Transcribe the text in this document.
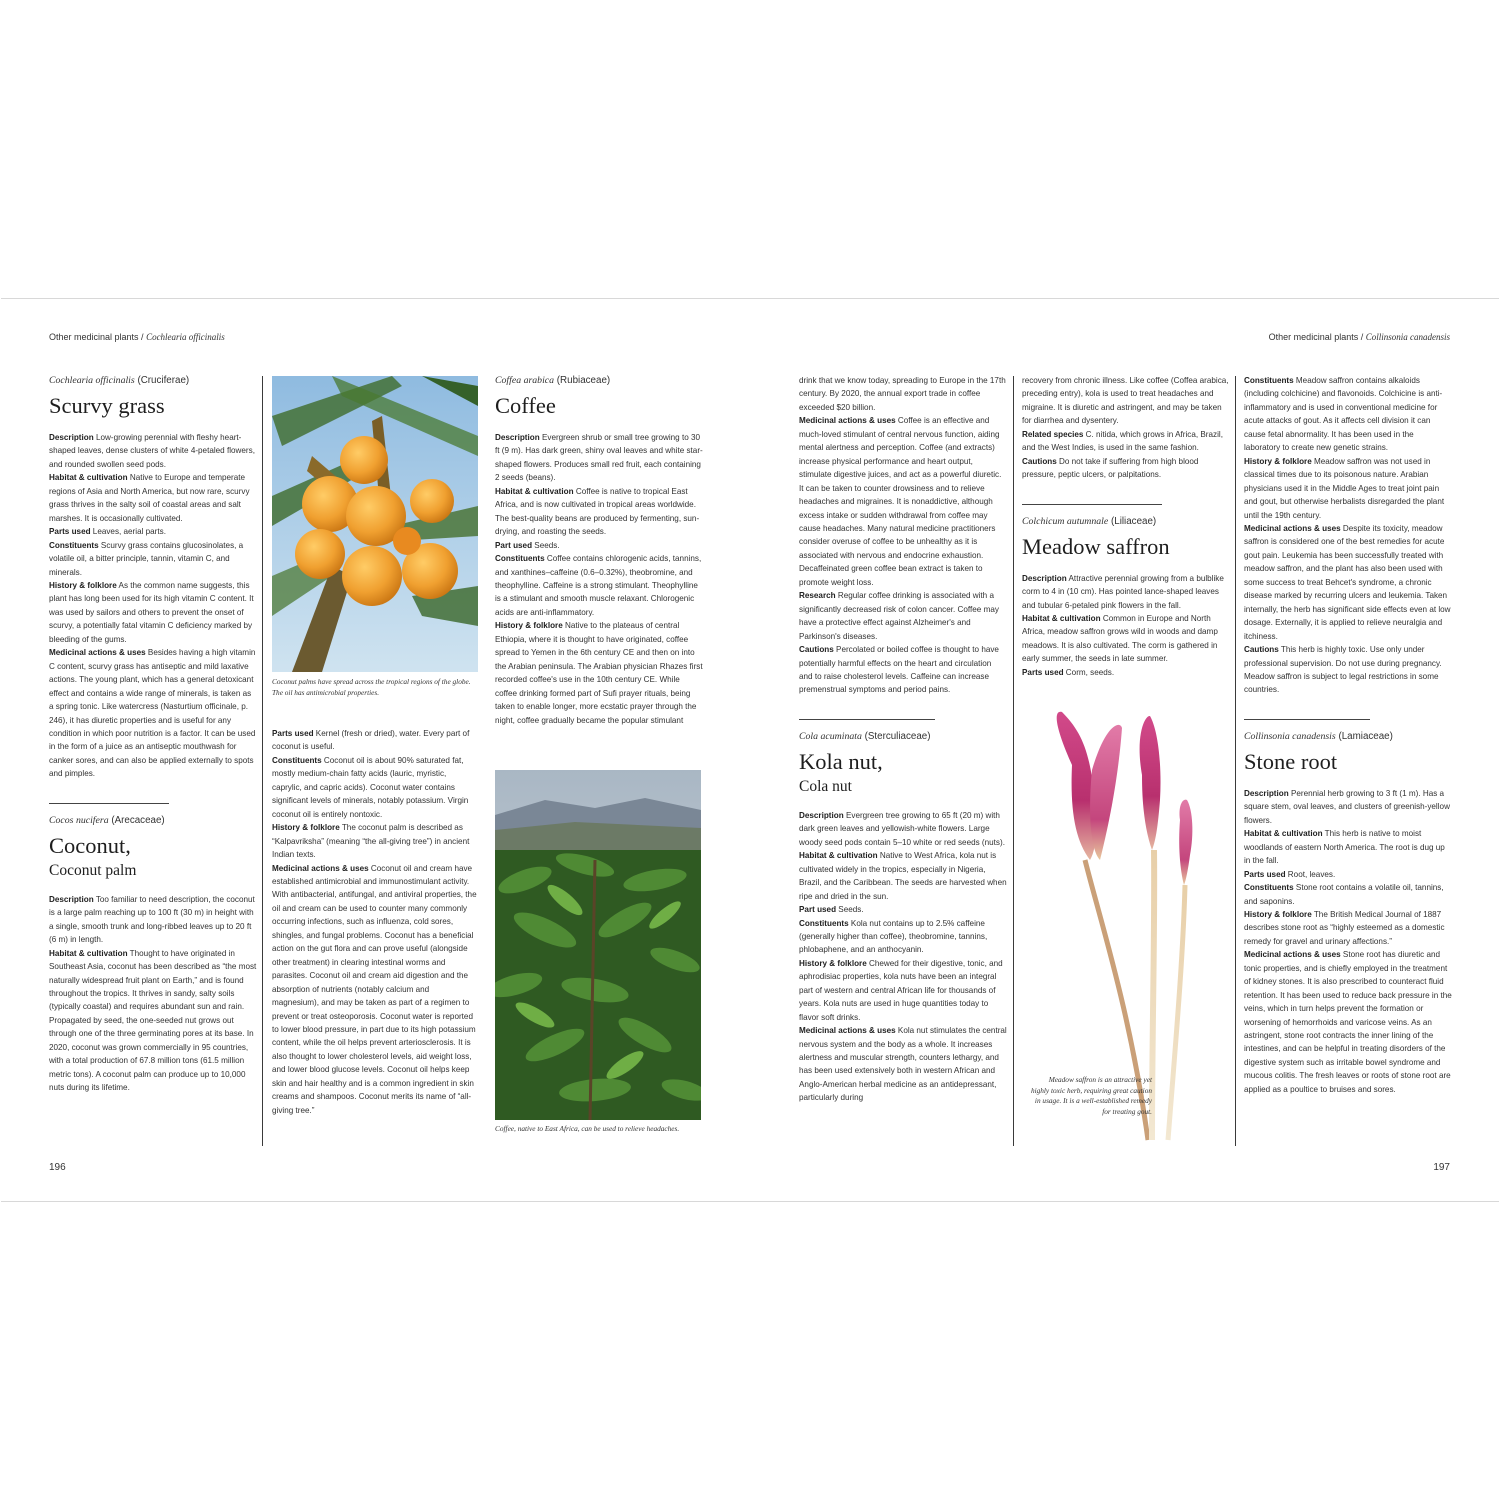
Other medicinal plants / Cochlearia officinalis	Other medicinal plants / Collinsonia canadensis
Cochlearia officinalis (Cruciferae)
Scurvy grass

Description Low-growing perennial with fleshy heart-shaped leaves, dense clusters of white 4-petaled flowers, and rounded swollen seed pods.

Habitat & cultivation Native to Europe and temperate regions of Asia and North America, but now rare, scurvy grass thrives in the salty soil of coastal areas and salt marshes. It is occasionally cultivated.

Parts used Leaves, aerial parts.

Constituents Scurvy grass contains glucosinolates, a volatile oil, a bitter principle, tannin, vitamin C, and minerals.

History & folklore As the common name suggests, this plant has long been used for its high vitamin C content. It was used by sailors and others to prevent the onset of scurvy, a potentially fatal vitamin C deficiency marked by bleeding of the gums.

Medicinal actions & uses Besides having a high vitamin C content, scurvy grass has antiseptic and mild laxative actions. The young plant, which has a general detoxicant effect and contains a wide range of minerals, is taken as a spring tonic. Like watercress (Nasturtium officinale, p. 246), it has diuretic properties and is useful for any condition in which poor nutrition is a factor. It can be used in the form of a juice as an antiseptic mouthwash for canker sores, and can also be applied externally to spots and pimples.

Cocos nucifera (Arecaceae)
Coconut,
Coconut palm

Description Too familiar to need description, the coconut is a large palm reaching up to 100 ft (30 m) in height with a single, smooth trunk and long-ribbed leaves up to 20 ft (6 m) in length.

Habitat & cultivation Thought to have originated in Southeast Asia, coconut has been described as “the most naturally widespread fruit plant on Earth,” and is found throughout the tropics. It thrives in sandy, salty soils (typically coastal) and requires abundant sun and rain. Propagated by seed, the one-seeded nut grows out through one of the three germinating pores at its base. In 2020, coconut was grown commercially in 95 countries, with a total production of 67.8 million tons (61.5 million metric tons). A coconut palm can produce up to 10,000 nuts during its lifetime.

Coconut palms have spread across the tropical regions of the globe. The oil has antimicrobial properties.

Parts used Kernel (fresh or dried), water. Every part of coconut is useful.

Constituents Coconut oil is about 90% saturated fat, mostly medium-chain fatty acids (lauric, myristic, caprylic, and capric acids). Coconut water contains significant levels of minerals, notably potassium. Virgin coconut oil is entirely nontoxic.

History & folklore The coconut palm is described as “Kalpavriksha” (meaning “the all-giving tree”) in ancient Indian texts.

Medicinal actions & uses Coconut oil and cream have established antimicrobial and immunostimulant activity. With antibacterial, antifungal, and antiviral properties, the oil and cream can be used to counter many commonly occurring infections, such as influenza, cold sores, shingles, and fungal problems. Coconut has a beneficial action on the gut flora and can prove useful (alongside other treatment) in clearing intestinal worms and parasites. Coconut oil and cream aid digestion and the absorption of nutrients (notably calcium and magnesium), and may be taken as part of a regimen to prevent or treat osteoporosis. Coconut water is reported to lower blood pressure, in part due to its high potassium content, while the oil helps prevent arteriosclerosis. It is also thought to lower cholesterol levels, aid weight loss, and lower blood glucose levels. Coconut oil helps keep skin and hair healthy and is a common ingredient in skin creams and shampoos. Coconut merits its name of “all-giving tree.”

Coffea arabica (Rubiaceae)
Coffee

Description Evergreen shrub or small tree growing to 30 ft (9 m). Has dark green, shiny oval leaves and white star-shaped flowers. Produces small red fruit, each containing 2 seeds (beans).

Habitat & cultivation Coffee is native to tropical East Africa, and is now cultivated in tropical areas worldwide. The best-quality beans are produced by fermenting, sun-drying, and roasting the seeds.

Part used Seeds.

Constituents Coffee contains chlorogenic acids, tannins, and xanthines–caffeine (0.6–0.32%), theobromine, and theophylline. Caffeine is a strong stimulant. Theophylline is a stimulant and smooth muscle relaxant. Chlorogenic acids are anti-inflammatory.

History & folklore Native to the plateaus of central Ethiopia, where it is thought to have originated, coffee spread to Yemen in the 6th century CE and then on into the Arabian peninsula. The Arabian physician Rhazes first recorded coffee's use in the 10th century CE. While coffee drinking formed part of Sufi prayer rituals, being taken to enable longer, more ecstatic prayer through the night, coffee gradually became the popular stimulant

Coffee, native to East Africa, can be used to relieve headaches.

drink that we know today, spreading to Europe in the 17th century. By 2020, the annual export trade in coffee exceeded $20 billion.

Medicinal actions & uses Coffee is an effective and much-loved stimulant of central nervous function, aiding mental alertness and perception. Coffee (and extracts) increase physical performance and heart output, stimulate digestive juices, and act as a powerful diuretic. It can be taken to counter drowsiness and to relieve headaches and migraines. It is nonaddictive, although excess intake or sudden withdrawal from coffee may cause headaches. Many natural medicine practitioners consider overuse of coffee to be unhealthy as it is associated with nervous and endocrine exhaustion. Decaffeinated green coffee bean extract is taken to promote weight loss.

Research Regular coffee drinking is associated with a significantly decreased risk of colon cancer. Coffee may have a protective effect against Alzheimer's and Parkinson's diseases.

Cautions Percolated or boiled coffee is thought to have potentially harmful effects on the heart and circulation and to raise cholesterol levels. Caffeine can increase premenstrual symptoms and period pains.

Cola acuminata (Sterculiaceae)
Kola nut,
Cola nut

Description Evergreen tree growing to 65 ft (20 m) with dark green leaves and yellowish-white flowers. Large woody seed pods contain 5–10 white or red seeds (nuts).

Habitat & cultivation Native to West Africa, kola nut is cultivated widely in the tropics, especially in Nigeria, Brazil, and the Caribbean. The seeds are harvested when ripe and dried in the sun.

Part used Seeds.

Constituents Kola nut contains up to 2.5% caffeine (generally higher than coffee), theobromine, tannins, phlobaphene, and an anthocyanin.

History & folklore Chewed for their digestive, tonic, and aphrodisiac properties, kola nuts have been an integral part of western and central African life for thousands of years. Kola nuts are used in huge quantities today to flavor soft drinks.

Medicinal actions & uses Kola nut stimulates the central nervous system and the body as a whole. It increases alertness and muscular strength, counters lethargy, and has been used extensively both in western African and Anglo-American herbal medicine as an antidepressant, particularly during

recovery from chronic illness. Like coffee (Coffea arabica, preceding entry), kola is used to treat headaches and migraine. It is diuretic and astringent, and may be taken for diarrhea and dysentery.

Related species C. nitida, which grows in Africa, Brazil, and the West Indies, is used in the same fashion.

Cautions Do not take if suffering from high blood pressure, peptic ulcers, or palpitations.

Colchicum autumnale (Liliaceae)
Meadow saffron

Description Attractive perennial growing from a bulblike corm to 4 in (10 cm). Has pointed lance-shaped leaves and tubular 6-petaled pink flowers in the fall.

Habitat & cultivation Common in Europe and North Africa, meadow saffron grows wild in woods and damp meadows. It is also cultivated. The corm is gathered in early summer, the seeds in late summer.

Parts used Corm, seeds.

Meadow saffron is an attractive yet highly toxic herb, requiring great caution in usage. It is a well-established remedy for treating gout.

Constituents Meadow saffron contains alkaloids (including colchicine) and flavonoids. Colchicine is anti-inflammatory and is used in conventional medicine for acute attacks of gout. As it affects cell division it can cause fetal abnormality. It has been used in the laboratory to create new genetic strains.

History & folklore Meadow saffron was not used in classical times due to its poisonous nature. Arabian physicians used it in the Middle Ages to treat joint pain and gout, but otherwise herbalists disregarded the plant until the 19th century.

Medicinal actions & uses Despite its toxicity, meadow saffron is considered one of the best remedies for acute gout pain. Leukemia has been successfully treated with meadow saffron, and the plant has also been used with some success to treat Behcet's syndrome, a chronic disease marked by recurring ulcers and leukemia. Taken internally, the herb has significant side effects even at low dosage. Externally, it is applied to relieve neuralgia and itchiness.

Cautions This herb is highly toxic. Use only under professional supervision. Do not use during pregnancy. Meadow saffron is subject to legal restrictions in some countries.

Collinsonia canadensis (Lamiaceae)
Stone root

Description Perennial herb growing to 3 ft (1 m). Has a square stem, oval leaves, and clusters of greenish-yellow flowers.

Habitat & cultivation This herb is native to moist woodlands of eastern North America. The root is dug up in the fall.

Parts used Root, leaves.

Constituents Stone root contains a volatile oil, tannins, and saponins.

History & folklore The British Medical Journal of 1887 describes stone root as “highly esteemed as a domestic remedy for gravel and urinary affections.”

Medicinal actions & uses Stone root has diuretic and tonic properties, and is chiefly employed in the treatment of kidney stones. It is also prescribed to counteract fluid retention. It has been used to reduce back pressure in the veins, which in turn helps prevent the formation or worsening of hemorrhoids and varicose veins. As an astringent, stone root contracts the inner lining of the intestines, and can be helpful in treating disorders of the digestive system such as irritable bowel syndrome and mucous colitis. The fresh leaves or roots of stone root are applied as a poultice to bruises and sores.

196	197
